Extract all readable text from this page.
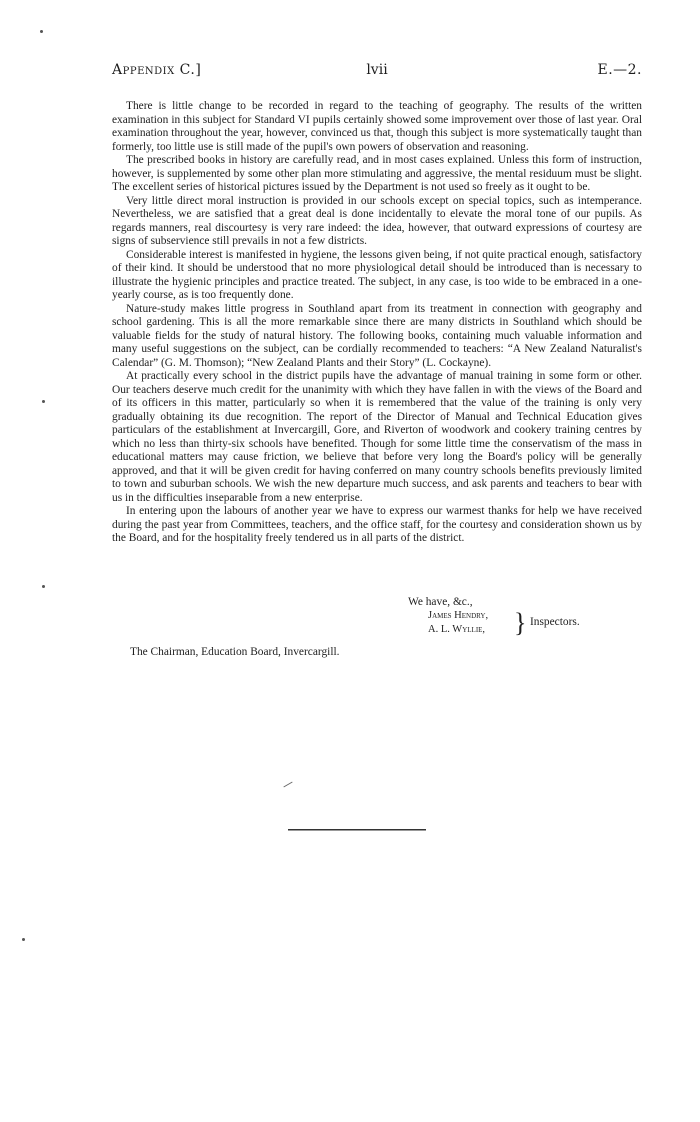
Appendix C.]	lvii	E.—2.

There is little change to be recorded in regard to the teaching of geography. The results of the written examination in this subject for Standard VI pupils certainly showed some improvement over those of last year. Oral examination throughout the year, however, convinced us that, though this subject is more systematically taught than formerly, too little use is still made of the pupil's own powers of observation and reasoning.

The prescribed books in history are carefully read, and in most cases explained. Unless this form of instruction, however, is supplemented by some other plan more stimulating and aggressive, the mental residuum must be slight. The excellent series of historical pictures issued by the Department is not used so freely as it ought to be.

Very little direct moral instruction is provided in our schools except on special topics, such as intemperance. Nevertheless, we are satisfied that a great deal is done incidentally to elevate the moral tone of our pupils. As regards manners, real discourtesy is very rare indeed: the idea, however, that outward expressions of courtesy are signs of subservience still prevails in not a few districts.

Considerable interest is manifested in hygiene, the lessons given being, if not quite practical enough, satisfactory of their kind. It should be understood that no more physiological detail should be introduced than is necessary to illustrate the hygienic principles and practice treated. The subject, in any case, is too wide to be embraced in a one-yearly course, as is too frequently done.

Nature-study makes little progress in Southland apart from its treatment in connection with geography and school gardening. This is all the more remarkable since there are many districts in Southland which should be valuable fields for the study of natural history. The following books, containing much valuable information and many useful suggestions on the subject, can be cordially recommended to teachers: “A New Zealand Naturalist's Calendar” (G. M. Thomson); “New Zealand Plants and their Story” (L. Cockayne).

At practically every school in the district pupils have the advantage of manual training in some form or other. Our teachers deserve much credit for the unanimity with which they have fallen in with the views of the Board and of its officers in this matter, particularly so when it is remembered that the value of the training is only very gradually obtaining its due recognition. The report of the Director of Manual and Technical Education gives particulars of the establishment at Invercargill, Gore, and Riverton of woodwork and cookery training centres by which no less than thirty-six schools have benefited. Though for some little time the conservatism of the mass in educational matters may cause friction, we believe that before very long the Board's policy will be generally approved, and that it will be given credit for having conferred on many country schools benefits previously limited to town and suburban schools. We wish the new departure much success, and ask parents and teachers to bear with us in the difficulties inseparable from a new enterprise.

In entering upon the labours of another year we have to express our warmest thanks for help we have received during the past year from Committees, teachers, and the office staff, for the courtesy and consideration shown us by the Board, and for the hospitality freely tendered us in all parts of the district.

We have, &c.,
James Hendry,
A. L. Wyllie, } Inspectors.
The Chairman, Education Board, Invercargill.
